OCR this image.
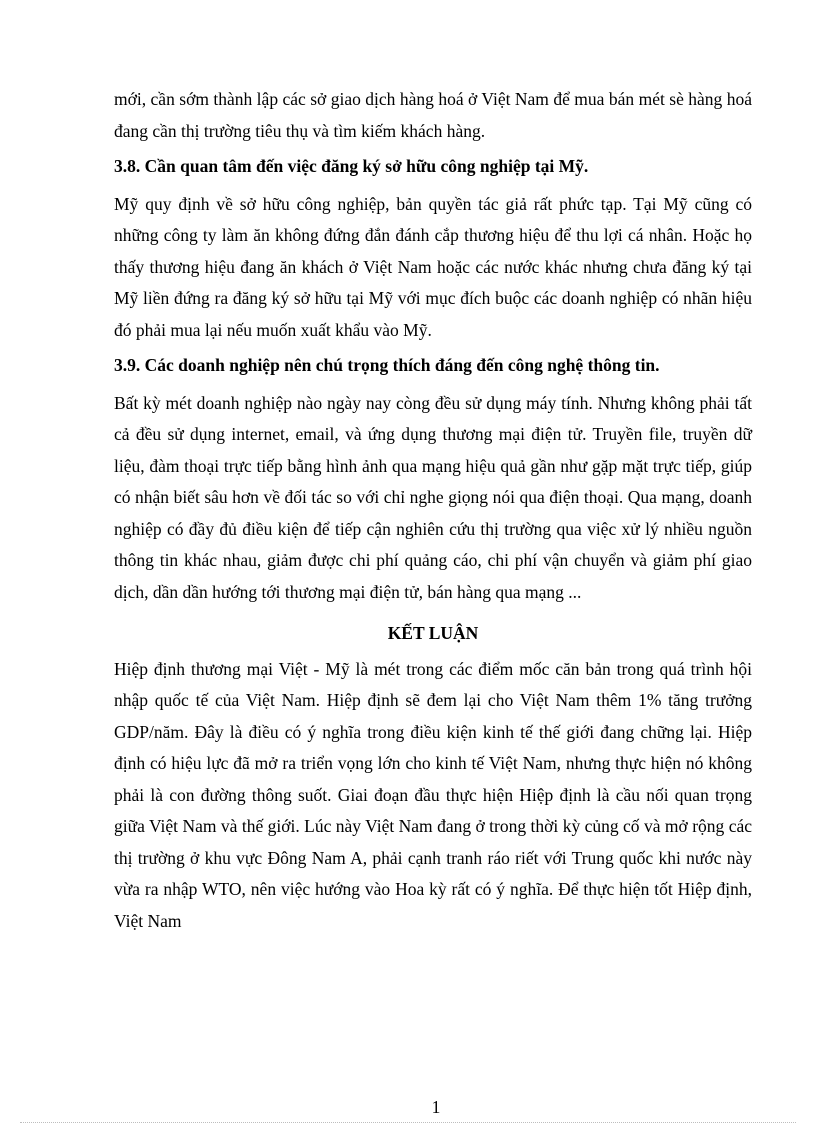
mới, cần sớm thành lập các sở giao dịch hàng hoá ở Việt Nam để mua bán mét sè hàng hoá đang cần thị trường tiêu thụ và tìm kiếm khách hàng.

3.8. Cần quan tâm đến việc đăng ký sở hữu công nghiệp tại Mỹ.

Mỹ quy định về sở hữu công nghiệp, bản quyền tác giả rất phức tạp. Tại Mỹ cũng có những công ty làm ăn không đứng đắn đánh cắp thương hiệu để thu lợi cá nhân. Hoặc họ thấy thương hiệu đang ăn khách ở Việt Nam hoặc các nước khác nhưng chưa đăng ký tại Mỹ liền đứng ra đăng ký sở hữu tại Mỹ với mục đích buộc các doanh nghiệp có nhãn hiệu đó phải mua lại nếu muốn xuất khẩu vào Mỹ.

3.9. Các doanh nghiệp nên chú trọng thích đáng đến công nghệ thông tin.

Bất kỳ mét doanh nghiệp nào ngày nay còng đều sử dụng máy tính. Nhưng không phải tất cả đều sử dụng internet, email, và ứng dụng thương mại điện tử. Truyền file, truyền dữ liệu, đàm thoại trực tiếp bằng hình ảnh qua mạng hiệu quả gần như gặp mặt trực tiếp, giúp có nhận biết sâu hơn về đối tác so với chỉ nghe giọng nói qua điện thoại. Qua mạng, doanh nghiệp có đầy đủ điều kiện để tiếp cận nghiên cứu thị trường qua việc xử lý nhiều nguồn thông tin khác nhau, giảm được chi phí quảng cáo, chi phí vận chuyển và giảm phí giao dịch, dần dần hướng tới thương mại điện tử, bán hàng qua mạng ...

KẾT LUẬN

Hiệp định thương mại Việt - Mỹ là mét trong các điểm mốc căn bản trong quá trình hội nhập quốc tế của Việt Nam. Hiệp định sẽ đem lại cho Việt Nam thêm 1% tăng trưởng GDP/năm. Đây là điều có ý nghĩa trong điều kiện kinh tế thế giới đang chững lại. Hiệp định có hiệu lực đã mở ra triển vọng lớn cho kinh tế Việt Nam, nhưng thực hiện nó không phải là con đường thông suốt. Giai đoạn đầu thực hiện Hiệp định là cầu nối quan trọng giữa Việt Nam và thế giới. Lúc này Việt Nam đang ở trong thời kỳ củng cố và mở rộng các thị trường ở khu vực Đông Nam A, phải cạnh tranh ráo riết với Trung quốc khi nước này vừa ra nhập WTO, nên việc hướng vào Hoa kỳ rất có ý nghĩa. Để thực hiện tốt Hiệp định, Việt Nam

1
